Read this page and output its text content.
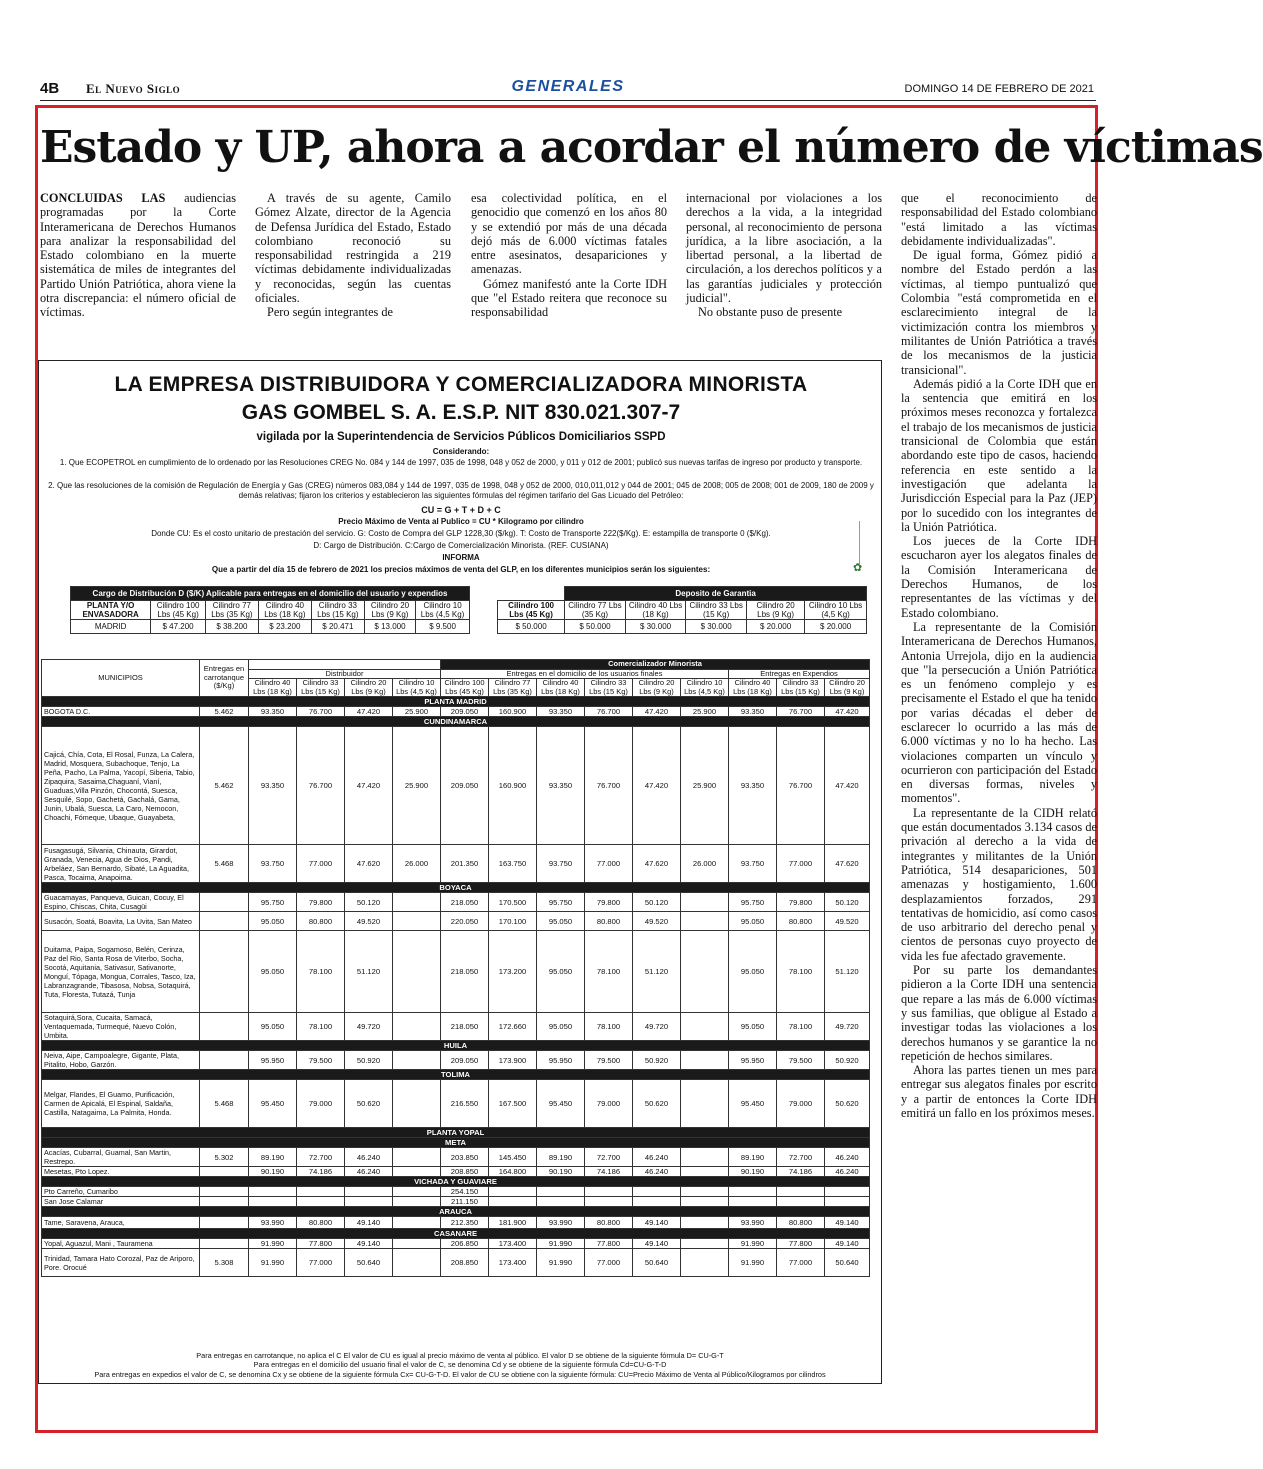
4B El Nuevo Siglo	GENERALES	DOMINGO 14 DE FEBRERO DE 2021
Estado y UP, ahora a acordar el número de víctimas

CONCLUIDAS LAS audiencias programadas por la Corte Interamericana de Derechos Humanos para analizar la responsabilidad del Estado colombiano en la muerte sistemática de miles de integrantes del Partido Unión Patriótica, ahora viene la otra discrepancia: el número oficial de víctimas.

A través de su agente, Camilo Gómez Alzate, director de la Agencia de Defensa Jurídica del Estado, Estado colombiano reconoció su responsabilidad restringida a 219 víctimas debidamente individualizadas y reconocidas, según las cuentas oficiales.

Pero según integrantes de

esa colectividad política, en el genocidio que comenzó en los años 80 y se extendió por más de una década dejó más de 6.000 víctimas fatales entre asesinatos, desapariciones y amenazas.

Gómez manifestó ante la Corte IDH que "el Estado reitera que reconoce su responsabilidad

internacional por violaciones a los derechos a la vida, a la integridad personal, al reconocimiento de persona jurídica, a la libre asociación, a la libertad personal, a la libertad de circulación, a los derechos políticos y a las garantías judiciales y protección judicial".

No obstante puso de presente

que el reconocimiento de responsabilidad del Estado colombiano "está limitado a las víctimas debidamente individualizadas".

De igual forma, Gómez pidió a nombre del Estado perdón a las víctimas, al tiempo puntualizó que Colombia "está comprometida en el esclarecimiento integral de la victimización contra los miembros y militantes de Unión Patriótica a través de los mecanismos de la justicia transicional".

Además pidió a la Corte IDH que en la sentencia que emitirá en los próximos meses reconozca y fortalezca el trabajo de los mecanismos de justicia transicional de Colombia que están abordando este tipo de casos, haciendo referencia en este sentido a la investigación que adelanta la Jurisdicción Especial para la Paz (JEP) por lo sucedido con los integrantes de la Unión Patriótica.

Los jueces de la Corte IDH escucharon ayer los alegatos finales de la Comisión Interamericana de Derechos Humanos, de los representantes de las víctimas y del Estado colombiano.

La representante de la Comisión Interamericana de Derechos Humanos, Antonia Urrejola, dijo en la audiencia que "la persecución a Unión Patriótica es un fenómeno complejo y es precisamente el Estado el que ha tenido por varias décadas el deber de esclarecer lo ocurrido a las más de 6.000 víctimas y no lo ha hecho. Las violaciones comparten un vínculo y ocurrieron con participación del Estado en diversas formas, niveles y momentos".

La representante de la CIDH relató que están documentados 3.134 casos de privación al derecho a la vida de integrantes y militantes de la Unión Patriótica, 514 desapariciones, 501 amenazas y hostigamiento, 1.600 desplazamientos forzados, 291 tentativas de homicidio, así como casos de uso arbitrario del derecho penal y cientos de personas cuyo proyecto de vida les fue afectado gravemente.

Por su parte los demandantes pidieron a la Corte IDH una sentencia que repare a las más de 6.000 víctimas y sus familias, que obligue al Estado a investigar todas las violaciones a los derechos humanos y se garantice la no repetición de hechos similares.

Ahora las partes tienen un mes para entregar sus alegatos finales por escrito y a partir de entonces la Corte IDH emitirá un fallo en los próximos meses.

LA EMPRESA DISTRIBUIDORA Y COMERCIALIZADORA MINORISTA
GAS GOMBEL S. A. E.S.P. NIT 830.021.307-7
vigilada por la Superintendencia de Servicios Públicos Domiciliarios SSPD
Considerando:
1. Que ECOPETROL en cumplimiento de lo ordenado por las Resoluciones CREG No. 084 y 144 de 1997, 035 de 1998, 048 y 052 de 2000, y 011 y 012 de 2001; publicó sus nuevas tarifas de ingreso por producto y transporte.
2. Que las resoluciones de la comisión de Regulación de Energía y Gas (CREG) números 083,084 y 144 de 1997, 035 de 1998, 048 y 052 de 2000, 010,011,012 y 044 de 2001; 045 de 2008; 005 de 2008; 001 de 2009, 180 de 2009 y demás relativas; fijaron los criterios y establecieron las siguientes fórmulas del régimen tarifario del Gas Licuado del Petróleo:
CU = G + T + D + C
Precio Máximo de Venta al Publico = CU * Kilogramo por cilindro
Donde CU: Es el costo unitario de prestación del servicio. G: Costo de Compra del GLP 1228,30 ($/kg). T: Costo de Transporte 222($/Kg). E: estampilla de transporte 0 ($/Kg).
D: Cargo de Distribución. C:Cargo de Comercialización Minorista. (REF. CUSIANA)
INFORMA
Que a partir del día 15 de febrero de 2021 los precios máximos de venta del GLP, en los diferentes municipios serán los siguientes:	✿
Cargo de Distribución D ($/K) Aplicable para entregas en el domicilio del usuario y expendios						
PLANTA Y/O ENVASADORA	Cilindro 100 Lbs (45 Kg)	Cilindro 77 Lbs (35 Kg)	Cilindro 40 Lbs (18 Kg)	Cilindro 33 Lbs (15 Kg)	Cilindro 20 Lbs (9 Kg)	Cilindro 10 Lbs (4,5 Kg)
MADRID	$ 47.200	$ 38.200	$ 23.200	$ 20.471	$ 13.000	$ 9.500
	Deposito de Garantia				
Cilindro 100 Lbs (45 Kg)	Cilindro 77 Lbs (35 Kg)	Cilindro 40 Lbs (18 Kg)	Cilindro 33 Lbs (15 Kg)	Cilindro 20 Lbs (9 Kg)	Cilindro 10 Lbs (4,5 Kg)
$ 50.000	$ 50.000	$ 30.000	$ 30.000	$ 20.000	$ 20.000
MUNICIPIOS	Entregas en carrotanque ($/Kg)					Comercializador Minorista								
		Distribuidor				Entregas en el domicilio de los usuarios finales						Entregas en Expendios		
		Cilindro 40 Lbs (18 Kg)	Cilindro 33 Lbs (15 Kg)	Cilindro 20 Lbs (9 Kg)	Cilindro 10 Lbs (4,5 Kg)	Cilindro 100 Lbs (45 Kg)	Cilindro 77 Lbs (35 Kg)	Cilindro 40 Lbs (18 Kg)	Cilindro 33 Lbs (15 Kg)	Cilindro 20 Lbs (9 Kg)	Cilindro 10 Lbs (4,5 Kg)	Cilindro 40 Lbs (18 Kg)	Cilindro 33 Lbs (15 Kg)	Cilindro 20 Lbs (9 Kg)
PLANTA MADRID														
BOGOTA D.C.	5.462	93.350	76.700	47.420	25.900	209.050	160.900	93.350	76.700	47.420	25.900	93.350	76.700	47.420
CUNDINAMARCA														
Cajicá, Chía, Cota, El Rosal, Funza, La Calera, Madrid, Mosquera, Subachoque, Tenjo, La Peña, Pacho, La Palma, Yacopí, Siberia, Tabio, Zipaquira, Sasaima,Chaguaní, Vianí, Guaduas,Villa Pinzón, Chocontá, Suesca, Sesquilé, Sopo, Gachetá, Gachalá, Gama, Junin, Ubalá, Suesca, La Caro, Nemocon, Choachi, Fómeque, Ubaque, Guayabeta,	5.462	93.350	76.700	47.420	25.900	209.050	160.900	93.350	76.700	47.420	25.900	93.350	76.700	47.420
Fusagasugá, Silvania, Chinauta, Girardot, Granada, Venecia, Agua de Dios, Pandi, Arbeláez, San Bernardo, Sibaté, La Aguadita, Pasca, Tocaima, Anapoima.	5.468	93.750	77.000	47.620	26.000	201.350	163.750	93.750	77.000	47.620	26.000	93.750	77.000	47.620
BOYACA														
Guacamayas, Panqueva, Guican, Cocuy, El Espino, Chiscas, Chita, Cusagüi		95.750	79.800	50.120		218.050	170.500	95.750	79.800	50.120		95.750	79.800	50.120
Susacón, Soatá, Boavita, La Uvita, San Mateo		95.050	80.800	49.520		220.050	170.100	95.050	80.800	49.520		95.050	80.800	49.520
Duitama, Paipa, Sogamoso, Belén, Cerinza, Paz del Rio, Santa Rosa de Viterbo, Socha, Socotá, Aquitania, Sativasur, Sativanorte, Monguí, Tópaga, Mongua, Corrales, Tasco, Iza, Labranzagrande, Tibasosa, Nobsa, Sotaquirá, Tuta, Floresta, Tutazá, Tunja		95.050	78.100	51.120		218.050	173.200	95.050	78.100	51.120		95.050	78.100	51.120
Sotaquirá,Sora, Cucaita, Samacá, Ventaquemada, Turmequé, Nuevo Colón, Umbita.		95.050	78.100	49.720		218.050	172.660	95.050	78.100	49.720		95.050	78.100	49.720
HUILA														
Neiva, Aipe, Campoalegre, Gigante, Plata, Pitalito, Hobo, Garzón.		95.950	79.500	50.920		209.050	173.900	95.950	79.500	50.920		95.950	79.500	50.920
TOLIMA														
Melgar, Flandes, El Guamo, Purificación, Carmen de Apicalá, El Espinal, Saldaña, Castilla, Natagaima, La Palmita, Honda.	5.468	95.450	79.000	50.620		216.550	167.500	95.450	79.000	50.620		95.450	79.000	50.620
PLANTA YOPAL														
META														
Acacías, Cubarral, Guamal, San Martin, Restrepo.	5.302	89.190	72.700	46.240		203.850	145.450	89.190	72.700	46.240		89.190	72.700	46.240
Mesetas, Pto Lopez.		90.190	74.186	46.240		208.850	164.800	90.190	74.186	46.240		90.190	74.186	46.240
VICHADA Y GUAVIARE														
Pto Carreño, Cumaribo						254.150								
San Jose Calamar						211.150								
ARAUCA														
Tame, Saravena, Arauca,		93.990	80.800	49.140		212.350	181.900	93.990	80.800	49.140		93.990	80.800	49.140
CASANARE														
Yopal, Aguazul, Mani , Tauramena		91.990	77.800	49.140		206.850	173.400	91.990	77.800	49.140		91.990	77.800	49.140
Trinidad, Tamara Hato Corozal, Paz de Ariporo, Pore. Orocué	5.308	91.990	77.000	50.640		208.850	173.400	91.990	77.000	50.640		91.990	77.000	50.640
Para entregas en carrotanque, no aplica el C El valor de CU es igual al precio máximo de venta al público. El valor D se obtiene de la siguiente fórmula D= CU-G-T
Para entregas en el domicilio del usuario final el valor de C, se denomina Cd y se obtiene de la siguiente fórmula Cd=CU-G-T-D
Para entregas en expedios el valor de C, se denomina Cx y se obtiene de la siguiente fórmula Cx= CU-G-T-D. El valor de CU se obtiene con la siguiente fórmula: CU=Precio Máximo de Venta al Público/Kilogramos por cilindros
